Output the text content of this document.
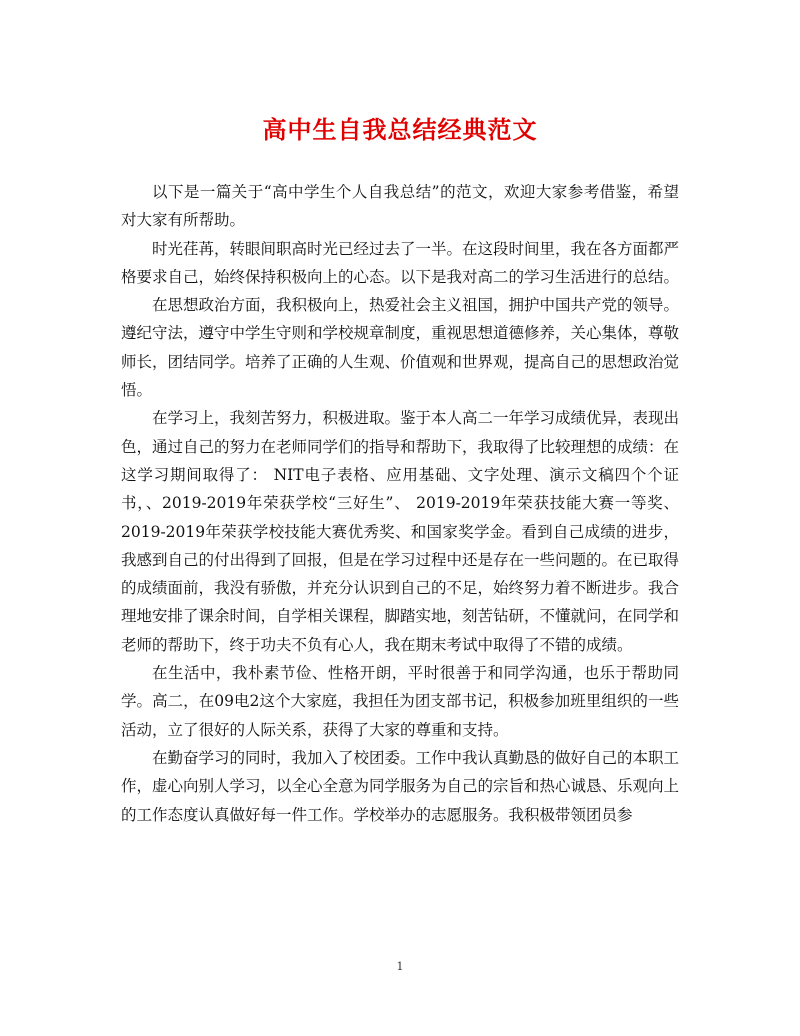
高中生自我总结经典范文

以下是一篇关于“高中学生个人自我总结”的范文，欢迎大家参考借鉴，希望对大家有所帮助。

时光荏苒，转眼间职高时光已经过去了一半。在这段时间里，我在各方面都严格要求自己，始终保持积极向上的心态。以下是我对高二的学习生活进行的总结。

在思想政治方面，我积极向上，热爱社会主义祖国，拥护中国共产党的领导。遵纪守法，遵守中学生守则和学校规章制度，重视思想道德修养，关心集体，尊敬师长，团结同学。培养了正确的人生观、价值观和世界观，提高自己的思想政治觉悟。

在学习上，我刻苦努力，积极进取。鉴于本人高二一年学习成绩优异，表现出色，通过自己的努力在老师同学们的指导和帮助下，我取得了比较理想的成绩：在这学习期间取得了： NIT电子表格、应用基础、文字处理、演示文稿四个个证书，、2019-2019年荣获学校“三好生”、 2019-2019年荣获技能大赛一等奖、2019-2019年荣获学校技能大赛优秀奖、和国家奖学金。看到自己成绩的进步，我感到自己的付出得到了回报，但是在学习过程中还是存在一些问题的。在已取得的成绩面前，我没有骄傲，并充分认识到自己的不足，始终努力着不断进步。我合理地安排了课余时间，自学相关课程，脚踏实地，刻苦钻研，不懂就问，在同学和老师的帮助下，终于功夫不负有心人，我在期末考试中取得了不错的成绩。

在生活中，我朴素节俭、性格开朗，平时很善于和同学沟通，也乐于帮助同学。高二，在09电2这个大家庭，我担任为团支部书记，积极参加班里组织的一些活动，立了很好的人际关系，获得了大家的尊重和支持。

在勤奋学习的同时，我加入了校团委。工作中我认真勤恳的做好自己的本职工作，虚心向别人学习，以全心全意为同学服务为自己的宗旨和热心诚恳、乐观向上的工作态度认真做好每一件工作。学校举办的志愿服务。我积极带领团员参

1
